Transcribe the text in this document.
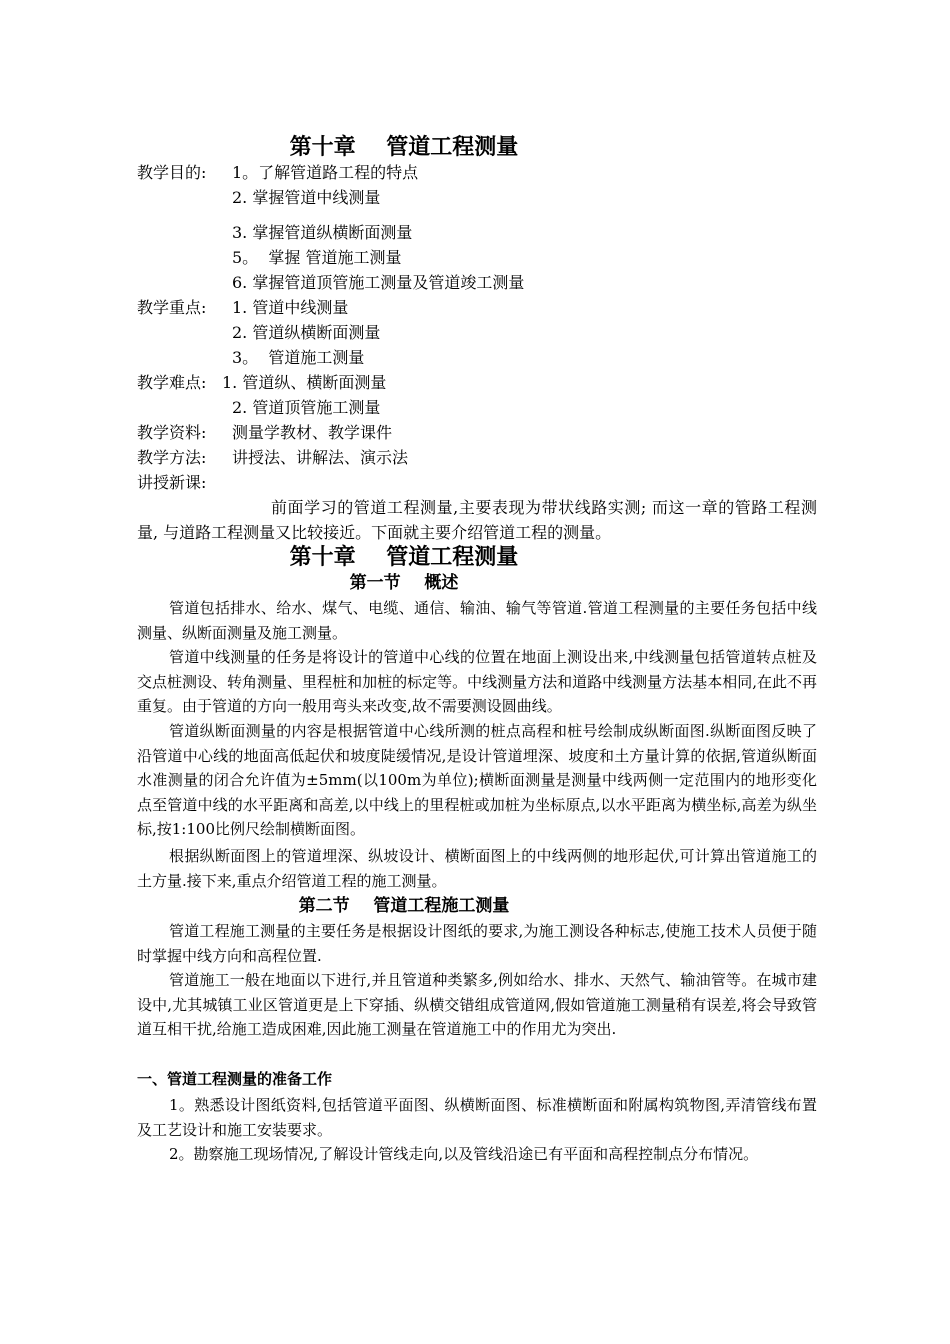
第十章    管道工程测量
教学目的: 1。了解管道路工程的特点
2. 掌握管道中线测量
3. 掌握管道纵横断面测量
5。  掌握 管道施工测量
6. 掌握管道顶管施工测量及管道竣工测量
教学重点: 1. 管道中线测量
2. 管道纵横断面测量
3。  管道施工测量
教学难点: 1. 管道纵、横断面测量
2. 管道顶管施工测量
教学资料: 测量学教材、教学课件
教学方法: 讲授法、讲解法、演示法
讲授新课:
前面学习的管道工程测量,主要表现为带状线路实测; 而这一章的管路工程测量, 与道路工程测量又比较接近。下面就主要介绍管道工程的测量。
第十章    管道工程测量
第一节    概述

管道包括排水、给水、煤气、电缆、通信、输油、输气等管道.管道工程测量的主要任务包括中线测量、纵断面测量及施工测量。

管道中线测量的任务是将设计的管道中心线的位置在地面上测设出来,中线测量包括管道转点桩及交点桩测设、转角测量、里程桩和加桩的标定等。中线测量方法和道路中线测量方法基本相同,在此不再重复。由于管道的方向一般用弯头来改变,故不需要测设圆曲线。

管道纵断面测量的内容是根据管道中心线所测的桩点高程和桩号绘制成纵断面图.纵断面图反映了沿管道中心线的地面高低起伏和坡度陡缓情况,是设计管道埋深、坡度和土方量计算的依据,管道纵断面水准测量的闭合允许值为±5mm(以100m为单位);横断面测量是测量中线两侧一定范围内的地形变化点至管道中线的水平距离和高差,以中线上的里程桩或加桩为坐标原点,以水平距离为横坐标,高差为纵坐标,按1:100比例尺绘制横断面图。

根据纵断面图上的管道埋深、纵坡设计、横断面图上的中线两侧的地形起伏,可计算出管道施工的土方量.接下来,重点介绍管道工程的施工测量。

第二节    管道工程施工测量

管道工程施工测量的主要任务是根据设计图纸的要求,为施工测设各种标志,使施工技术人员便于随时掌握中线方向和高程位置.

管道施工一般在地面以下进行,并且管道种类繁多,例如给水、排水、天然气、输油管等。在城市建设中,尤其城镇工业区管道更是上下穿插、纵横交错组成管道网,假如管道施工测量稍有误差,将会导致管道互相干扰,给施工造成困难,因此施工测量在管道施工中的作用尤为突出.

一、管道工程测量的准备工作

1。熟悉设计图纸资料,包括管道平面图、纵横断面图、标准横断面和附属构筑物图,弄清管线布置及工艺设计和施工安装要求。

2。勘察施工现场情况,了解设计管线走向,以及管线沿途已有平面和高程控制点分布情况。
